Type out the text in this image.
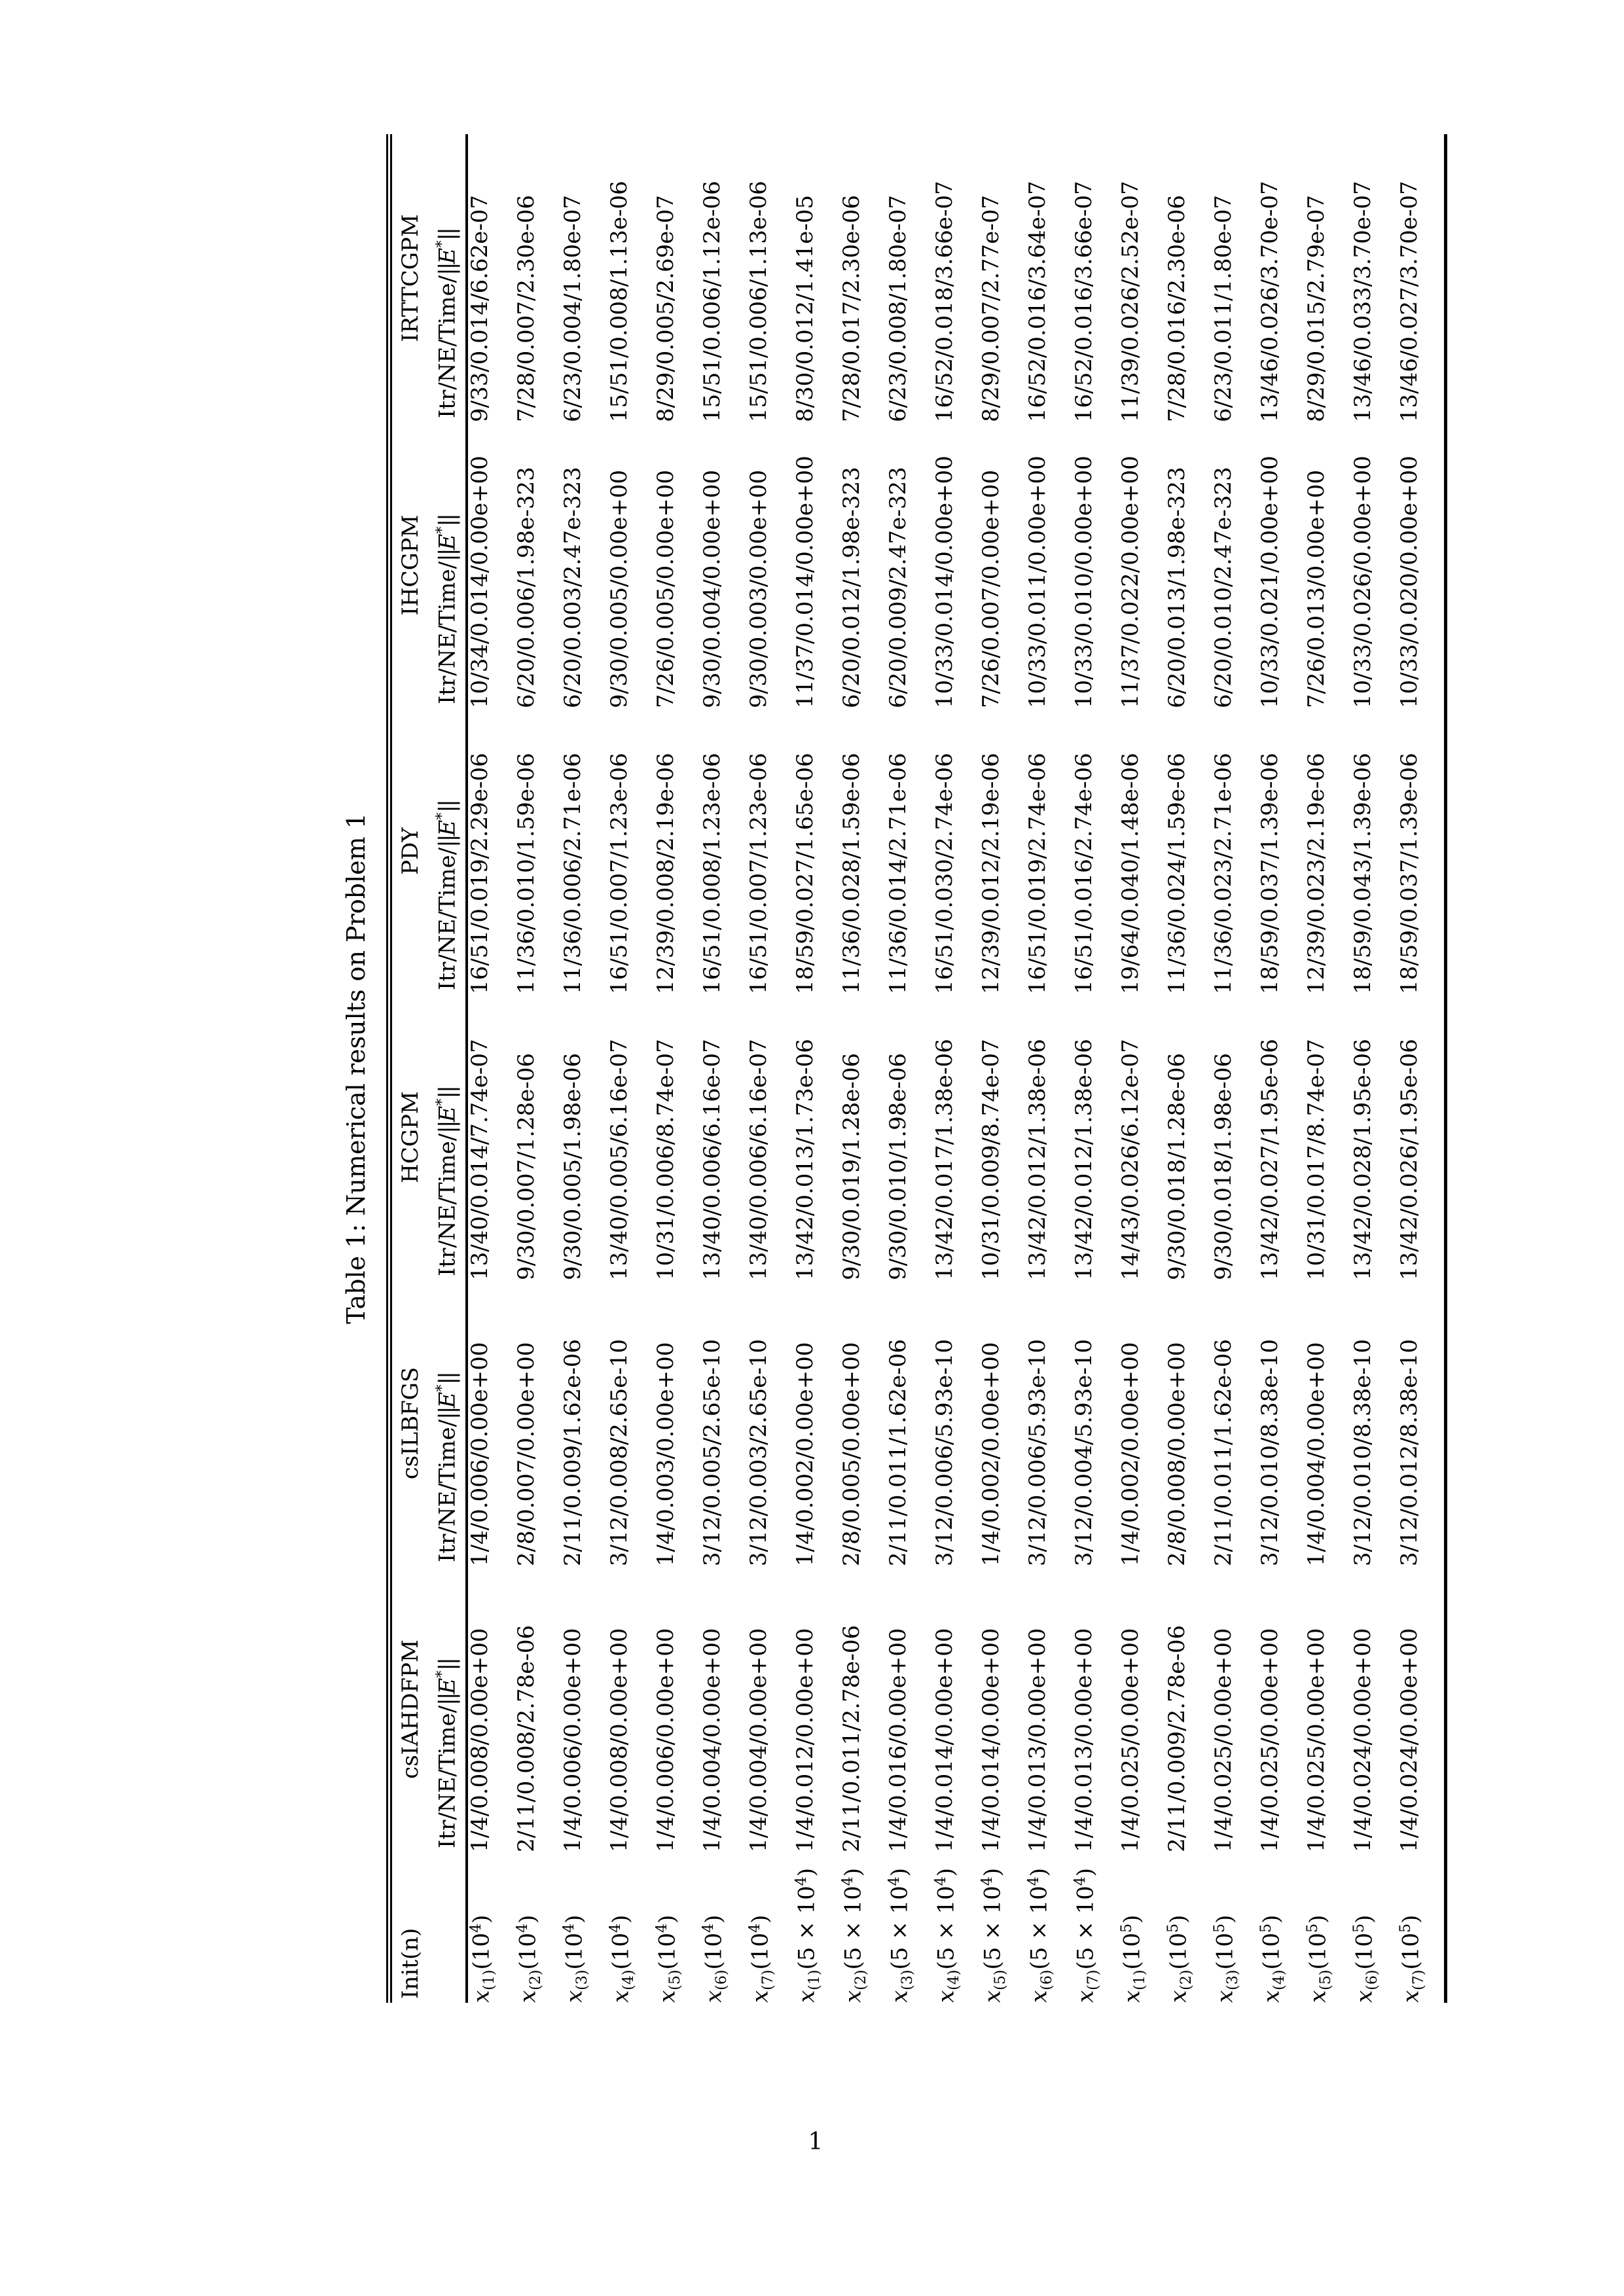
Table 1: Numerical results on Problem 1
Init(n)	csIAHDFPM	csILBFGS	HCGPM	PDY	IHCGPM	IRTTCGPM
	Itr/NE/Time/||E*||	Itr/NE/Time/||E*||	Itr/NE/Time/||E*||	Itr/NE/Time/||E*||	Itr/NE/Time/||E*||	Itr/NE/Time/||E*||
$x_{(1)}(10^4)$	1/4/0.008/0.00e+00	1/4/0.006/0.00e+00	13/40/0.014/7.74e-07	16/51/0.019/2.29e-06	10/34/0.014/0.00e+00	9/33/0.014/6.62e-07
$x_{(2)}(10^4)$	2/11/0.008/2.78e-06	2/8/0.007/0.00e+00	9/30/0.007/1.28e-06	11/36/0.010/1.59e-06	6/20/0.006/1.98e-323	7/28/0.007/2.30e-06
$x_{(3)}(10^4)$	1/4/0.006/0.00e+00	2/11/0.009/1.62e-06	9/30/0.005/1.98e-06	11/36/0.006/2.71e-06	6/20/0.003/2.47e-323	6/23/0.004/1.80e-07
$x_{(4)}(10^4)$	1/4/0.008/0.00e+00	3/12/0.008/2.65e-10	13/40/0.005/6.16e-07	16/51/0.007/1.23e-06	9/30/0.005/0.00e+00	15/51/0.008/1.13e-06
$x_{(5)}(10^4)$	1/4/0.006/0.00e+00	1/4/0.003/0.00e+00	10/31/0.006/8.74e-07	12/39/0.008/2.19e-06	7/26/0.005/0.00e+00	8/29/0.005/2.69e-07
$x_{(6)}(10^4)$	1/4/0.004/0.00e+00	3/12/0.005/2.65e-10	13/40/0.006/6.16e-07	16/51/0.008/1.23e-06	9/30/0.004/0.00e+00	15/51/0.006/1.12e-06
$x_{(7)}(10^4)$	1/4/0.004/0.00e+00	3/12/0.003/2.65e-10	13/40/0.006/6.16e-07	16/51/0.007/1.23e-06	9/30/0.003/0.00e+00	15/51/0.006/1.13e-06
$x_{(1)}(5 \times 10^4)$	1/4/0.012/0.00e+00	1/4/0.002/0.00e+00	13/42/0.013/1.73e-06	18/59/0.027/1.65e-06	11/37/0.014/0.00e+00	8/30/0.012/1.41e-05
$x_{(2)}(5 \times 10^4)$	2/11/0.011/2.78e-06	2/8/0.005/0.00e+00	9/30/0.019/1.28e-06	11/36/0.028/1.59e-06	6/20/0.012/1.98e-323	7/28/0.017/2.30e-06
$x_{(3)}(5 \times 10^4)$	1/4/0.016/0.00e+00	2/11/0.011/1.62e-06	9/30/0.010/1.98e-06	11/36/0.014/2.71e-06	6/20/0.009/2.47e-323	6/23/0.008/1.80e-07
$x_{(4)}(5 \times 10^4)$	1/4/0.014/0.00e+00	3/12/0.006/5.93e-10	13/42/0.017/1.38e-06	16/51/0.030/2.74e-06	10/33/0.014/0.00e+00	16/52/0.018/3.66e-07
$x_{(5)}(5 \times 10^4)$	1/4/0.014/0.00e+00	1/4/0.002/0.00e+00	10/31/0.009/8.74e-07	12/39/0.012/2.19e-06	7/26/0.007/0.00e+00	8/29/0.007/2.77e-07
$x_{(6)}(5 \times 10^4)$	1/4/0.013/0.00e+00	3/12/0.006/5.93e-10	13/42/0.012/1.38e-06	16/51/0.019/2.74e-06	10/33/0.011/0.00e+00	16/52/0.016/3.64e-07
$x_{(7)}(5 \times 10^4)$	1/4/0.013/0.00e+00	3/12/0.004/5.93e-10	13/42/0.012/1.38e-06	16/51/0.016/2.74e-06	10/33/0.010/0.00e+00	16/52/0.016/3.66e-07
$x_{(1)}(10^5)$	1/4/0.025/0.00e+00	1/4/0.002/0.00e+00	14/43/0.026/6.12e-07	19/64/0.040/1.48e-06	11/37/0.022/0.00e+00	11/39/0.026/2.52e-07
$x_{(2)}(10^5)$	2/11/0.009/2.78e-06	2/8/0.008/0.00e+00	9/30/0.018/1.28e-06	11/36/0.024/1.59e-06	6/20/0.013/1.98e-323	7/28/0.016/2.30e-06
$x_{(3)}(10^5)$	1/4/0.025/0.00e+00	2/11/0.011/1.62e-06	9/30/0.018/1.98e-06	11/36/0.023/2.71e-06	6/20/0.010/2.47e-323	6/23/0.011/1.80e-07
$x_{(4)}(10^5)$	1/4/0.025/0.00e+00	3/12/0.010/8.38e-10	13/42/0.027/1.95e-06	18/59/0.037/1.39e-06	10/33/0.021/0.00e+00	13/46/0.026/3.70e-07
$x_{(5)}(10^5)$	1/4/0.025/0.00e+00	1/4/0.004/0.00e+00	10/31/0.017/8.74e-07	12/39/0.023/2.19e-06	7/26/0.013/0.00e+00	8/29/0.015/2.79e-07
$x_{(6)}(10^5)$	1/4/0.024/0.00e+00	3/12/0.010/8.38e-10	13/42/0.028/1.95e-06	18/59/0.043/1.39e-06	10/33/0.026/0.00e+00	13/46/0.033/3.70e-07
$x_{(7)}(10^5)$	1/4/0.024/0.00e+00	3/12/0.012/8.38e-10	13/42/0.026/1.95e-06	18/59/0.037/1.39e-06	10/33/0.020/0.00e+00	13/46/0.027/3.70e-07
1
